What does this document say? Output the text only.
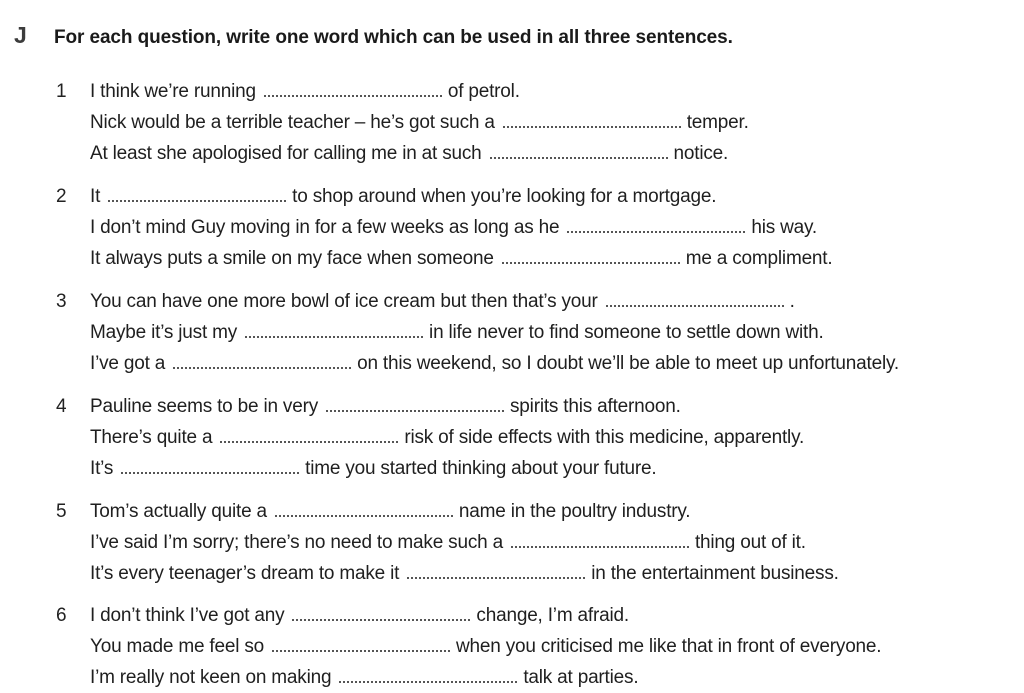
J	For each question, write one word which can be used in all three sentences.
1	I think we’re running	of petrol.
Nick would be a terrible teacher – he’s got such a	temper.
At least she apologised for calling me in at such	notice.
2	It	to shop around when you’re looking for a mortgage.
I don’t mind Guy moving in for a few weeks as long as he	his way.
It always puts a smile on my face when someone	me a compliment.
3	You can have one more bowl of ice cream but then that’s your	.
Maybe it’s just my	in life never to find someone to settle down with.
I’ve got a	on this weekend, so I doubt we’ll be able to meet up unfortunately.
4	Pauline seems to be in very	spirits this afternoon.
There’s quite a	risk of side effects with this medicine, apparently.
It’s	time you started thinking about your future.
5	Tom’s actually quite a	name in the poultry industry.
I’ve said I’m sorry; there’s no need to make such a	thing out of it.
It’s every teenager’s dream to make it	in the entertainment business.
6	I don’t think I’ve got any	change, I’m afraid.
You made me feel so	when you criticised me like that in front of everyone.
I’m really not keen on making	talk at parties.
